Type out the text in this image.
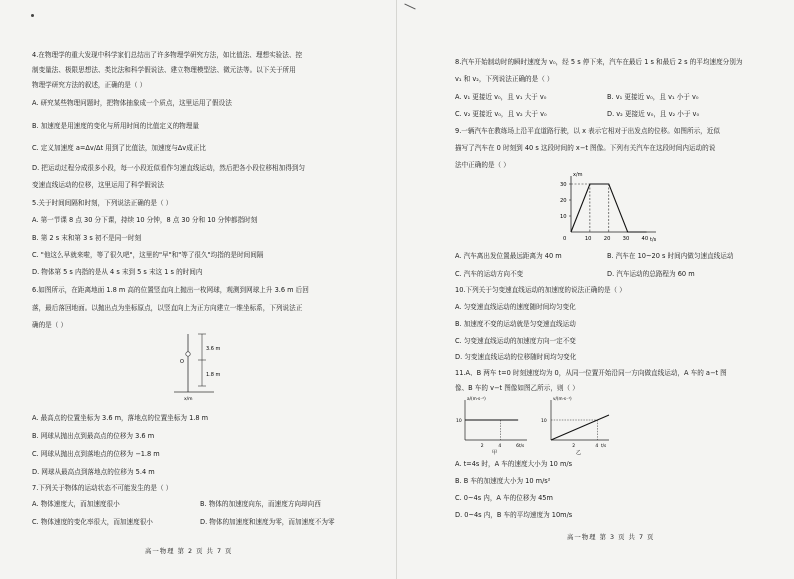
4.在物理学的重大发现中科学家们总结出了许多物理学研究方法，如比值法、理想实验法、控
制变量法、极限思想法、类比法和科学假说法、建立物理模型法、微元法等。以下关于所用
物理学研究方法的叙述，正确的是（ ）
A. 研究某些物理问题时，把物体抽象成一个质点，这里运用了假设法
B. 加速度是用速度的变化与所用时间的比值定义的物理量
C. 定义加速度 a=Δv/Δt 用到了比值法，加速度与Δv成正比
D. 把运动过程分成很多小段，每一小段近似看作匀速直线运动，然后把各小段位移相加得到匀
变速直线运动的位移，这里运用了科学假说法
5.关于时间间隔和时刻，下列说法正确的是（ ）
A. 第一节课 8 点 30 分下课，持续 10 分钟，8 点 30 分和 10 分钟都指时刻
B. 第 2 s 末和第 3 s 初不是同一时刻
C. "他这么早就来啦，等了很久吧"，这里的"早"和"等了很久"均指的是时间间隔
D. 物体第 5 s 内指的是从 4 s 末到 5 s 末这 1 s 的时间内
6.如图所示，在距离地面 1.8 m 高的位置竖直向上抛出一枚网球，观测到网球上升 3.6 m 后回
落，最后落回地面。以抛出点为坐标原点，以竖直向上为正方向建立一维坐标系，下列说法正
确的是（ ）
3.6 m
1.8 m
O
x/m
A. 最高点的位置坐标为 3.6 m，落地点的位置坐标为 1.8 m
B. 网球从抛出点到最高点的位移为 3.6 m
C. 网球从抛出点到落地点的位移为 −1.8 m
D. 网球从最高点到落地点的位移为 5.4 m
7.下列关于物体的运动状态不可能发生的是（ ）
A. 物体速度大，而加速度很小	B. 物体的加速度向东，而速度方向却向西
C. 物体速度的变化率很大，而加速度很小	D. 物体的加速度和速度为零，而加速度不为零
高一物理 第 2 页 共 7 页
8.汽车开始制动时的瞬时速度为 v₀，经 5 s 停下来，汽车在最后 1 s 和最后 2 s 的平均速度分别为
v₁ 和 v₂，下列说法正确的是（ ）
A. v₁ 更接近 v₀，且 v₁ 大于 v₀	B. v₁ 更接近 v₀，且 v₁ 小于 v₀
C. v₂ 更接近 v₀，且 v₂ 大于 v₀	D. v₂ 更接近 v₀，且 v₂ 小于 v₀
9.一辆汽车在教练场上沿平直道路行驶，以 x 表示它相对于出发点的位移。如图所示，近似
描写了汽车在 0 时刻到 40 s 这段时间的 x−t 图像。下列有关汽车在这段时间内运动的说
法中正确的是（ ）
x/m
t/s
30
20
10
0	10 20 30 40
A. 汽车离出发位置最远距离为 40 m	B. 汽车在 10~20 s 时间内做匀速直线运动
C. 汽车的运动方向不变	D. 汽车运动的总路程为 60 m
10.下列关于匀变速直线运动的加速度的说法正确的是（ ）
A. 匀变速直线运动的速度随时间均匀变化
B. 加速度不变的运动就是匀变速直线运动
C. 匀变速直线运动的加速度方向一定不变
D. 匀变速直线运动的位移随时间均匀变化
11.A、B 两车 t=0 时刻速度均为 0，从同一位置开始沿同一方向做直线运动，A 车的 a−t 图
像、B 车的 v−t 图像如图乙所示，则（ ）
a/(m·s⁻²)
t/s
10
2	4	6
甲
v/(m·s⁻¹)
t/s
10
2	4
乙
A. t=4s 时，A 车的速度大小为 10 m/s
B. B 车的加速度大小为 10 m/s²
C. 0~4s 内，A 车的位移为 45m
D. 0~4s 内，B 车的平均速度为 10m/s
高一物理 第 3 页 共 7 页
